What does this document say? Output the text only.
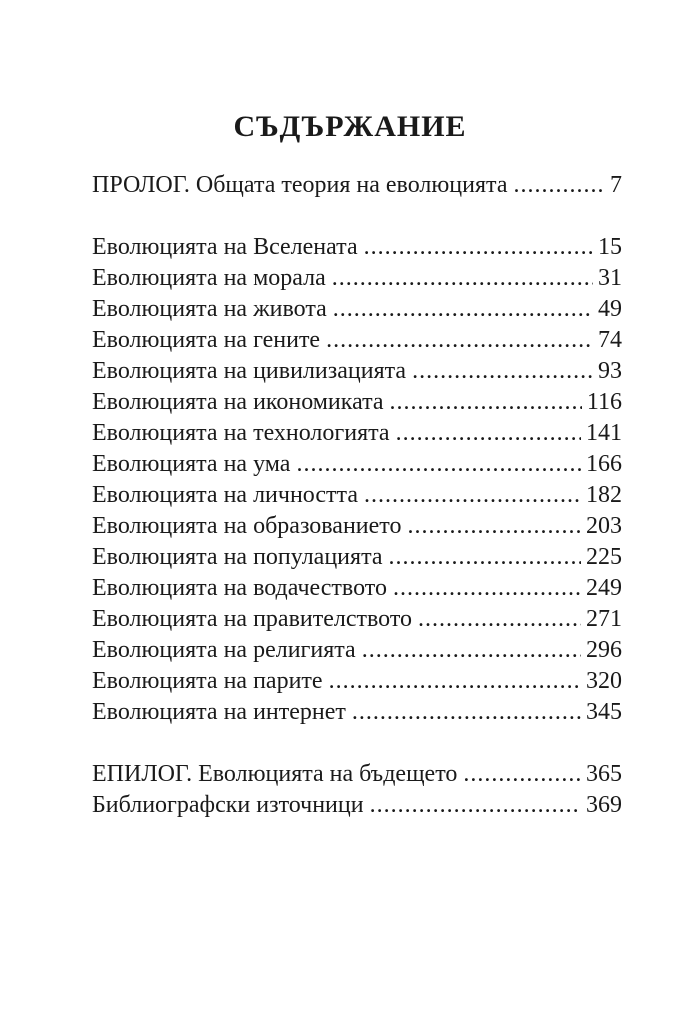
СЪДЪРЖАНИЕ
ПРОЛОГ. Общата теория на еволюцията .....	7
Еволюцията на Вселената .....	15
Еволюцията на морала .....	31
Еволюцията на живота .....	49
Еволюцията на гените .....	74
Еволюцията на цивилизацията .....	93
Еволюцията на икономиката .....	116
Еволюцията на технологията .....	141
Еволюцията на ума .....	166
Еволюцията на личността .....	182
Еволюцията на образованието .....	203
Еволюцията на популацията .....	225
Еволюцията на водачеството .....	249
Еволюцията на правителството .....	271
Еволюцията на религията .....	296
Еволюцията на парите .....	320
Еволюцията на интернет .....	345
ЕПИЛОГ. Еволюцията на бъдещето .....	365
Библиографски източници .....	369
